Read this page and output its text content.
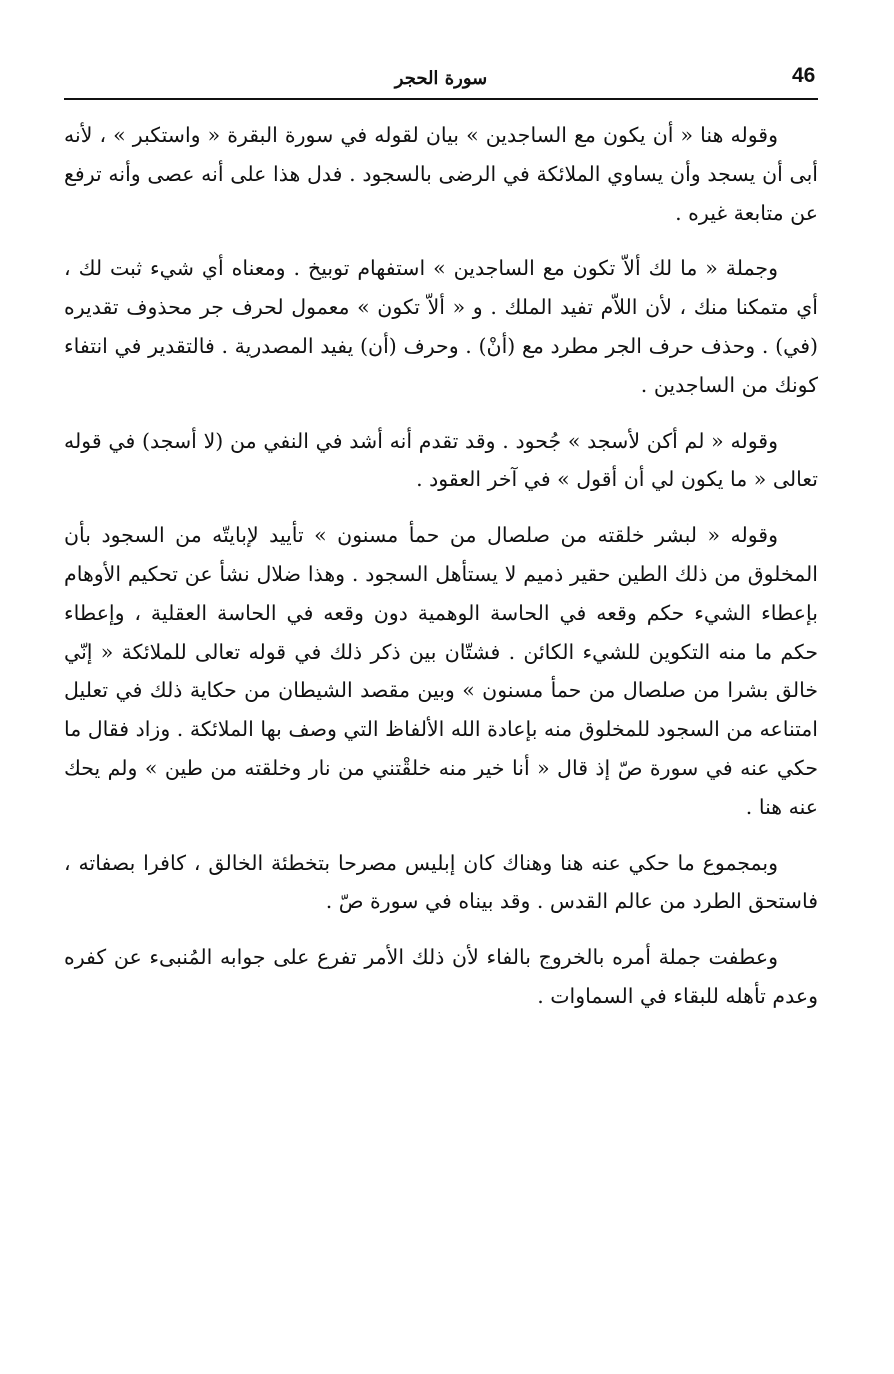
46
سورة الحجر

وقوله هنا « أن يكون مع الساجدين » بيان لقوله في سورة البقرة « واستكبر » ، لأنه أبى أن يسجد وأن يساوي الملائكة في الرضى بالسجود . فدل هذا على أنه عصى وأنه ترفع عن متابعة غيره .

وجملة « ما لك ألاّ تكون مع الساجدين » استفهام توبيخ . ومعناه أي شيء ثبت لك ، أي متمكنا منك ، لأن اللاّم تفيد الملك . و « ألاّ تكون » معمول لحرف جر محذوف تقديره (في) . وحذف حرف الجر مطرد مع (أنْ) . وحرف (أن) يفيد المصدرية . فالتقدير في انتفاء كونك من الساجدين .

وقوله « لم أكن لأسجد » جُحود . وقد تقدم أنه أشد في النفي من (لا أسجد) في قوله تعالى « ما يكون لي أن أقول » في آخر العقود .

وقوله « لبشر خلقته من صلصال من حمأ مسنون » تأييد لإبايتّه من السجود بأن المخلوق من ذلك الطين حقير ذميم لا يستأهل السجود . وهذا ضلال نشأ عن تحكيم الأوهام بإعطاء الشيء حكم وقعه في الحاسة الوهمية دون وقعه في الحاسة العقلية ، وإعطاء حكم ما منه التكوين للشيء الكائن . فشتّان بين ذكر ذلك في قوله تعالى للملائكة « إنّي خالق بشرا من صلصال من حمأ مسنون » وبين مقصد الشيطان من حكاية ذلك في تعليل امتناعه من السجود للمخلوق منه بإعادة الله الألفاظ التي وصف بها الملائكة . وزاد فقال ما حكي عنه في سورة صّ إذ قال « أنا خير منه خلقْتني من نار وخلقته من طين » ولم يحك عنه هنا .

وبمجموع ما حكي عنه هنا وهناك كان إبليس مصرحا بتخطئة الخالق ، كافرا بصفاته ، فاستحق الطرد من عالم القدس . وقد بيناه في سورة صّ .

وعطفت جملة أمره بالخروج بالفاء لأن ذلك الأمر تفرع على جوابه المُنبىء عن كفره وعدم تأهله للبقاء في السماوات .
